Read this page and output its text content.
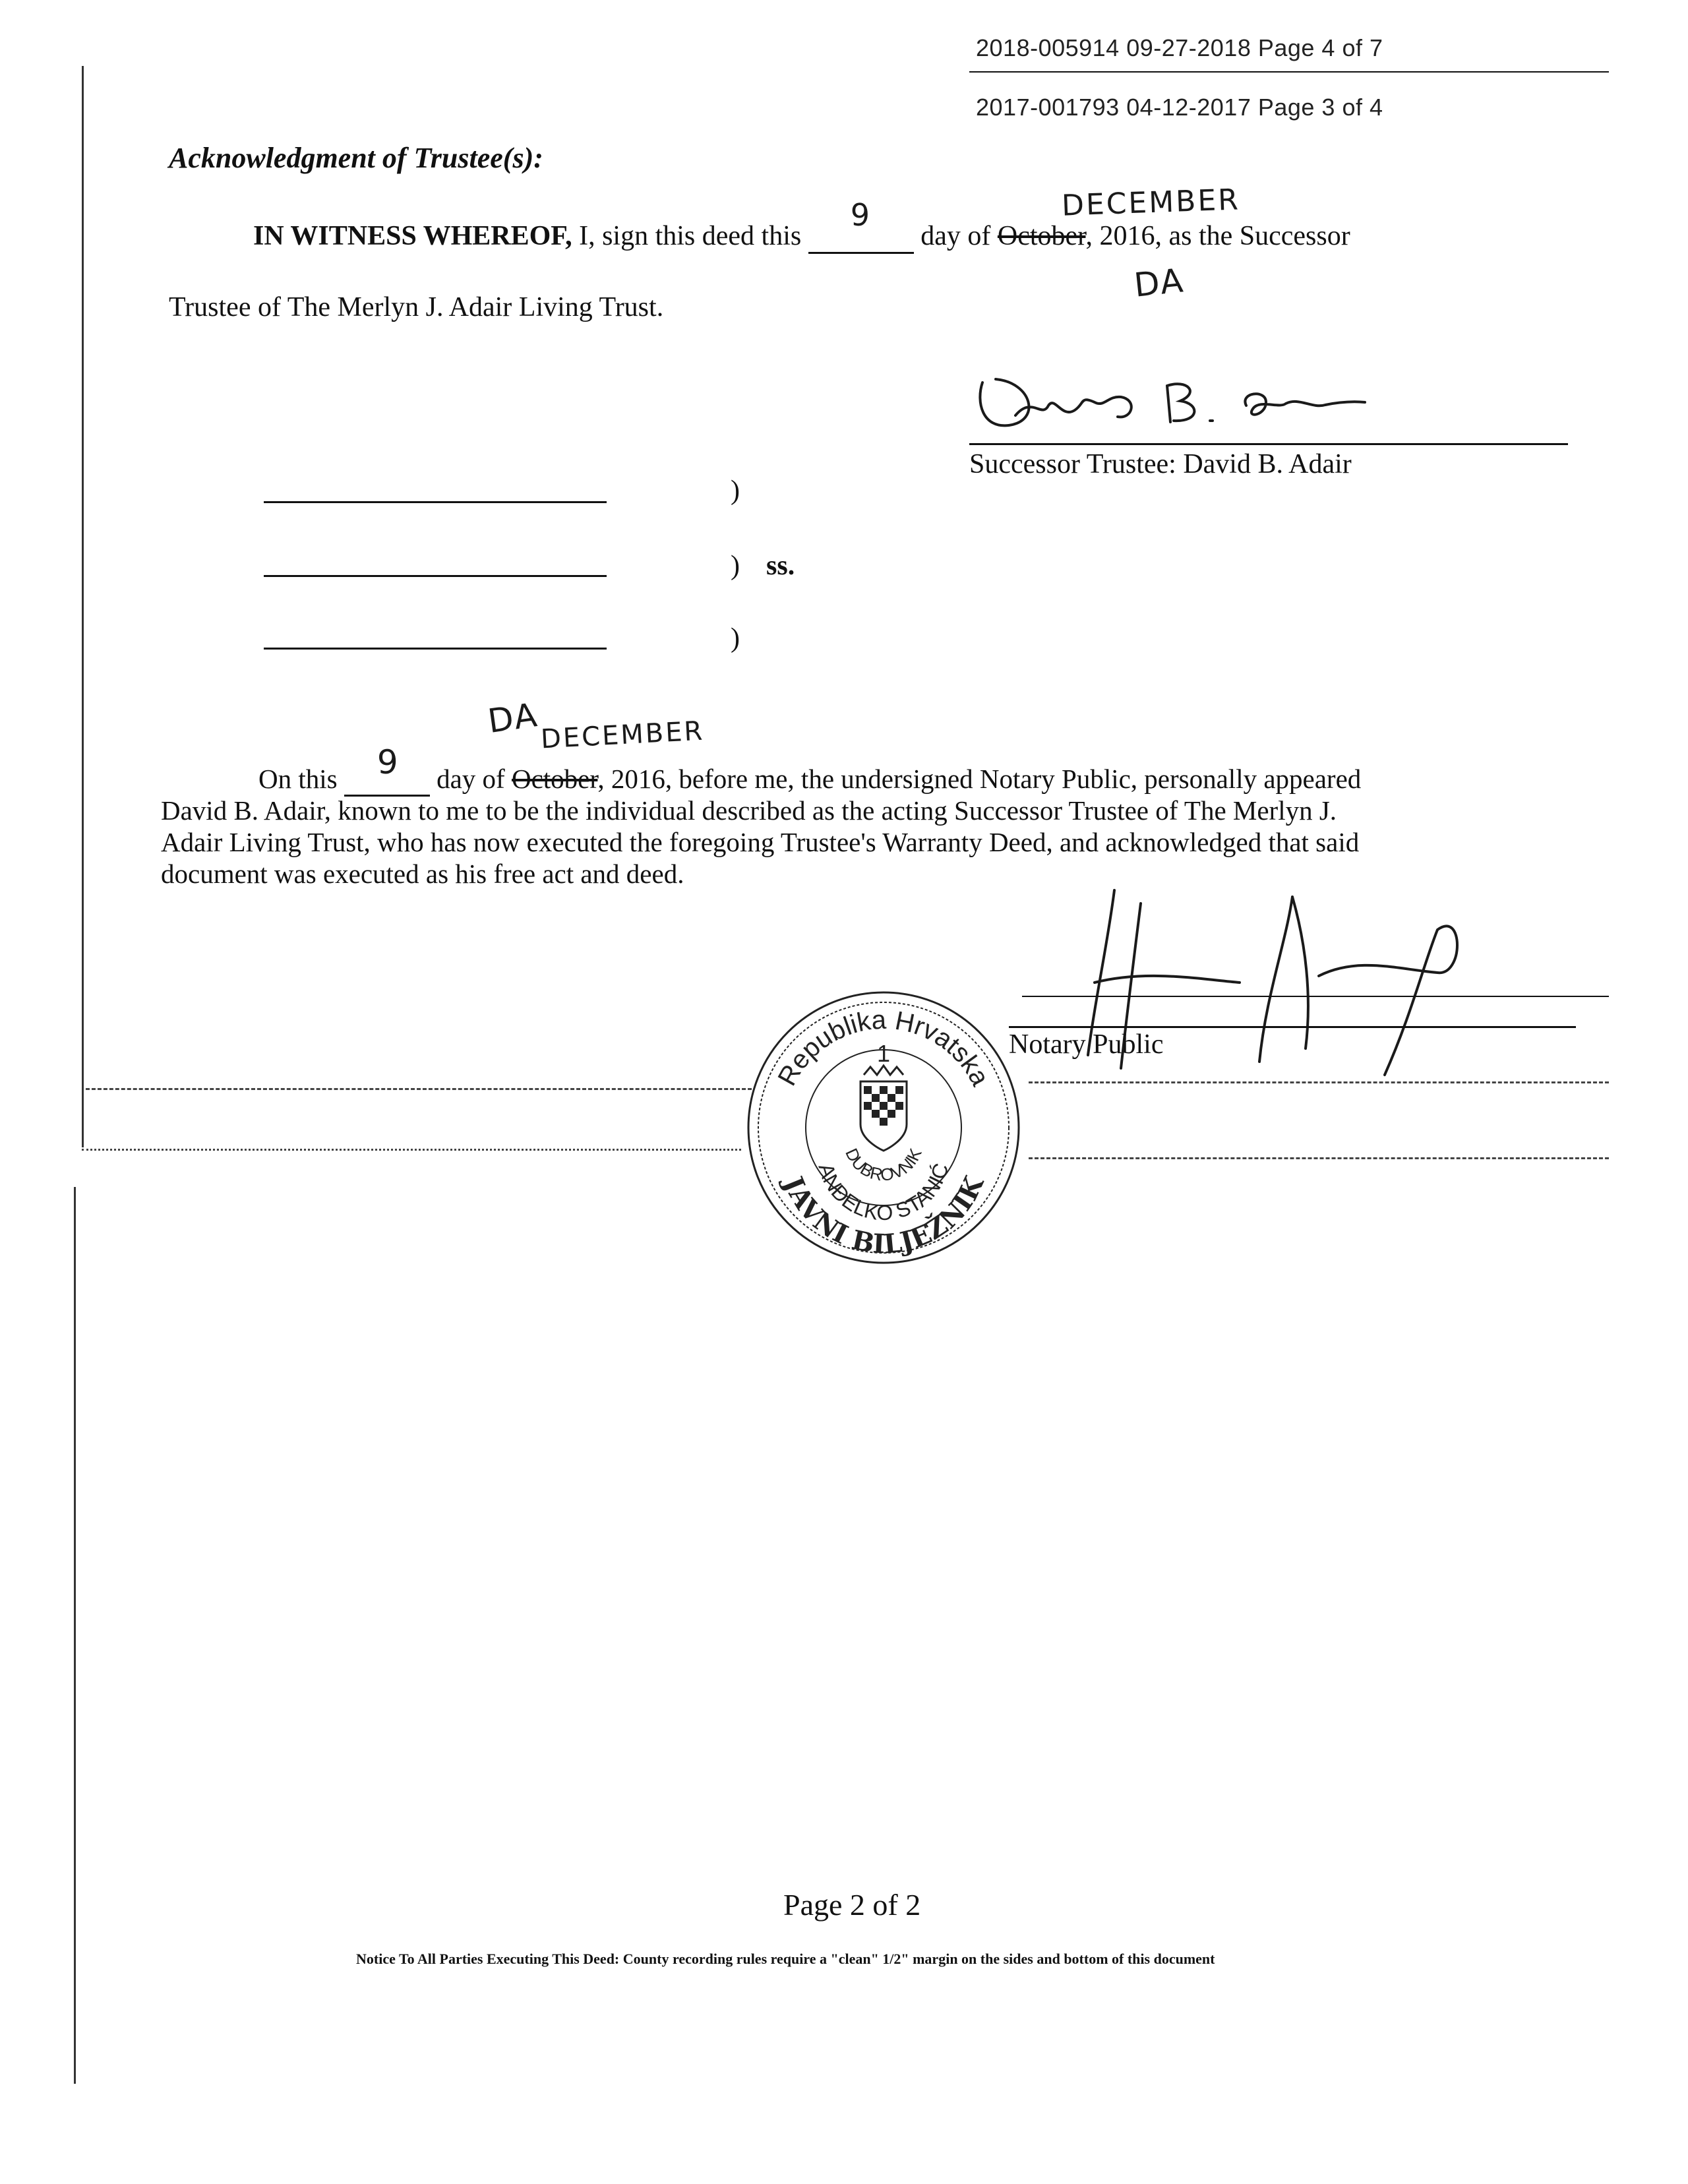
2018-005914 09-27-2018 Page 4 of 7
2017-001793 04-12-2017 Page 3 of 4
Acknowledgment of Trustee(s):
IN WITNESS WHEREOF, I, sign this deed this
9
day of October, 2016, as the Successor
DECEMBER
DA
Trustee of The Merlyn J. Adair Living Trust.
Successor Trustee: David B. Adair
)
) ss.
)
DA DECEMBER
On this 9 day of October, 2016, before me, the undersigned Notary Public, personally appeared
David B. Adair, known to me to be the individual described as the acting Successor Trustee of The Merlyn J.
Adair Living Trust, who has now executed the foregoing Trustee's Warranty Deed, and acknowledged that said
document was executed as his free act and deed.
Notary Public
Republika Hrvatska
1
DUBROVNIK
ANĐELKO STANIĆ
JAVNI BILJEŽNIK
Page 2 of 2
Notice To All Parties Executing This Deed: County recording rules require a "clean" 1/2" margin on the sides and bottom of this document
